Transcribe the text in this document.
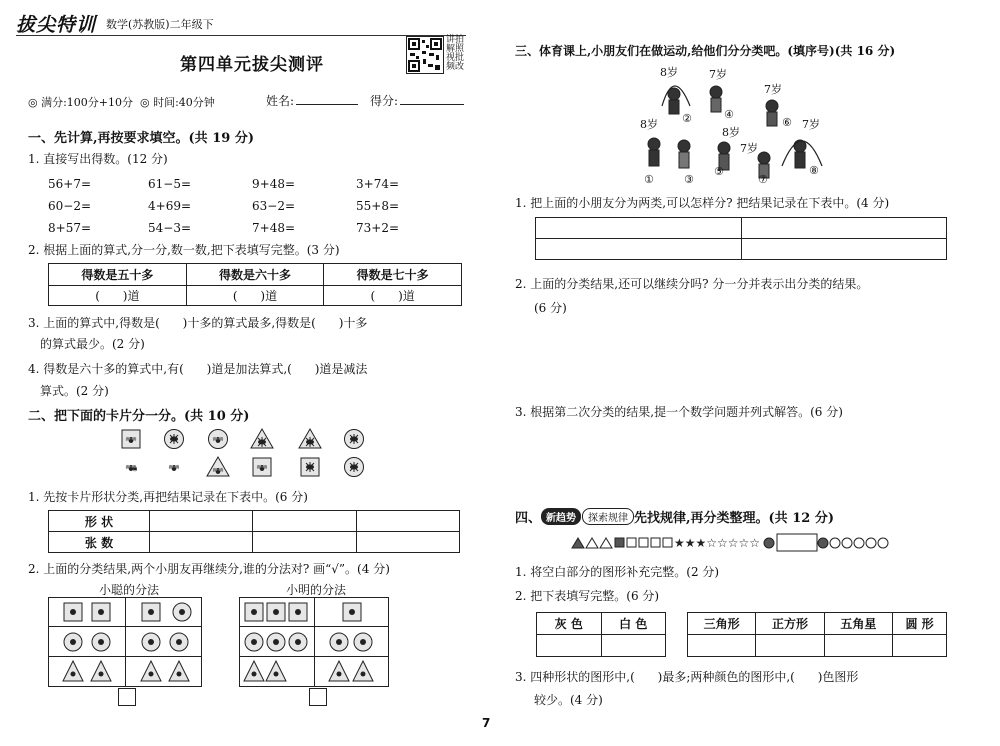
拔尖特训 数学(苏教版)二年级下
第四单元拔尖测评
讲 拍
解 照
视 批
频 改
◎ 满分:100分+10分  ◎ 时间:40分钟	姓名:	得分:
一、先计算,再按要求填空。(共 19 分)
1. 直接写出得数。(12 分)
56+7=	61−5=	9+48=	3+74=
60−2=	4+69=	63−2=	55+8=
8+57=	54−3=	7+48=	73+2=
2. 根据上面的算式,分一分,数一数,把下表填写完整。(3 分)
得数是五十多	得数是六十多	得数是七十多
(      )道	(      )道	(      )道
3. 上面的算式中,得数是(      )十多的算式最多,得数是(      )十多
的算式最少。(2 分)
4. 得数是六十多的算式中,有(      )道是加法算式,(      )道是减法
算式。(2 分)
二、把下面的卡片分一分。(共 10 分)
1. 先按卡片形状分类,再把结果记录在下表中。(6 分)
形 状			
张 数			
2. 上面的分类结果,两个小朋友再继续分,谁的分法对? 画“√”。(4 分)
小聪的分法	小明的分法
三、体育课上,小朋友们在做运动,给他们分分类吧。(填序号)(共 16 分)
8岁	7岁
7岁
8岁
8岁
7岁
7岁
①
②
③
④
⑤
⑥
⑦
⑧
1. 把上面的小朋友分为两类,可以怎样分? 把结果记录在下表中。(4 分)

2. 上面的分类结果,还可以继续分吗? 分一分并表示出分类的结果。
(6 分)
3. 根据第二次分类的结果,提一个数学问题并列式解答。(6 分)
四、 新趋势	探索规律 先找规律,再分类整理。(共 12 分)
★★★☆☆☆☆☆
1. 将空白部分的图形补充完整。(2 分)
2. 把下表填写完整。(6 分)
灰 色	白 色
		三角形	正方形	五角星	圆 形

3. 四种形状的图形中,(      )最多;两种颜色的图形中,(      )色图形
较少。(4 分)
7
